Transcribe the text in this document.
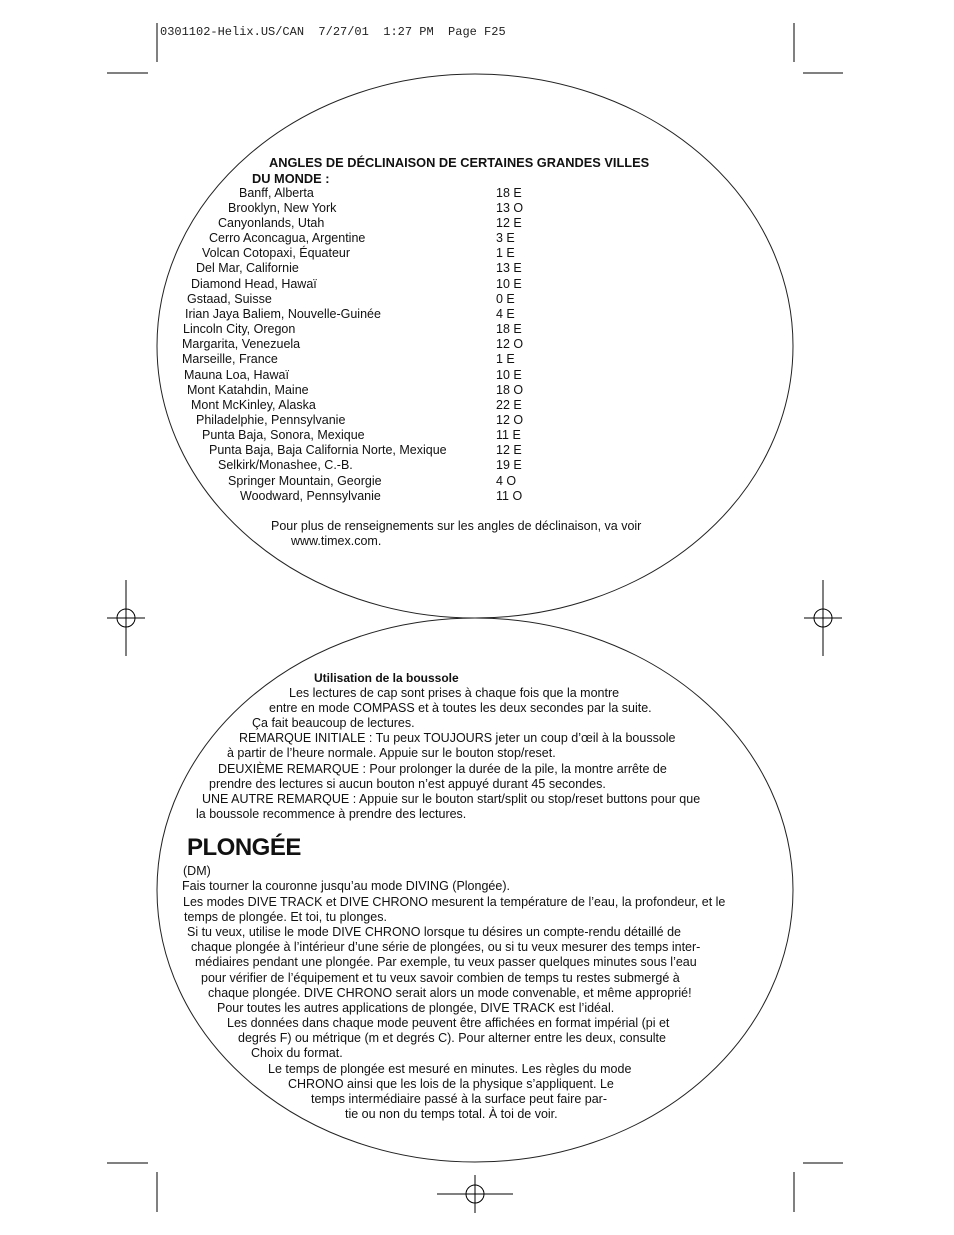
0301102-Helix.US/CAN  7/27/01  1:27 PM  Page F25
ANGLES DE DÉCLINAISON DE CERTAINES GRANDES VILLES
DU MONDE :
Banff, Alberta	18 E
Brooklyn, New York	13 O
Canyonlands, Utah	12 E
Cerro Aconcagua, Argentine	3 E
Volcan Cotopaxi, Équateur	1 E
Del Mar, Californie	13 E
Diamond Head, Hawaï	10 E
Gstaad, Suisse	0 E
Irian Jaya Baliem, Nouvelle-Guinée	4 E
Lincoln City, Oregon	18 E
Margarita, Venezuela	12 O
Marseille, France	1 E
Mauna Loa, Hawaï	10 E
Mont Katahdin, Maine	18 O
Mont McKinley, Alaska	22 E
Philadelphie, Pennsylvanie	12 O
Punta Baja, Sonora, Mexique	11 E
Punta Baja, Baja California Norte, Mexique	12 E
Selkirk/Monashee, C.-B.	19 E
Springer Mountain, Georgie	4 O
Woodward, Pennsylvanie	11 O
Pour plus de renseignements sur les angles de déclinaison, va voir
www.timex.com.
Utilisation de la boussole
Les lectures de cap sont prises à chaque fois que la montre
entre en mode COMPASS et à toutes les deux secondes par la suite.
Ça fait beaucoup de lectures.
REMARQUE INITIALE : Tu peux TOUJOURS jeter un coup d’œil à la boussole
à partir de l’heure normale. Appuie sur le bouton stop/reset.
DEUXIÈME REMARQUE : Pour prolonger la durée de la pile, la montre arrête de
prendre des lectures si aucun bouton n’est appuyé durant 45 secondes.
UNE AUTRE REMARQUE : Appuie sur le bouton start/split ou stop/reset buttons pour que
la boussole recommence à prendre des lectures.
PLONGÉE
(DM)
Fais tourner la couronne jusqu’au mode DIVING (Plongée).
Les modes DIVE TRACK et DIVE CHRONO mesurent la température de l’eau, la profondeur, et le
temps de plongée. Et toi, tu plonges.
Si tu veux, utilise le mode DIVE CHRONO lorsque tu désires un compte-rendu détaillé de
chaque plongée à l’intérieur d’une série de plongées, ou si tu veux mesurer des temps inter-
médiaires pendant une plongée. Par exemple, tu veux passer quelques minutes sous l’eau
pour vérifier de l’équipement et tu veux savoir combien de temps tu restes submergé à
chaque plongée. DIVE CHRONO serait alors un mode convenable, et même approprié!
Pour toutes les autres applications de plongée, DIVE TRACK est l’idéal.
Les données dans chaque mode peuvent être affichées en format impérial (pi et
degrés F) ou métrique (m et degrés C). Pour alterner entre les deux, consulte
Choix du format.
Le temps de plongée est mesuré en minutes. Les règles du mode
CHRONO ainsi que les lois de la physique s’appliquent. Le
temps intermédiaire passé à la surface peut faire par-
tie ou non du temps total. À toi de voir.
